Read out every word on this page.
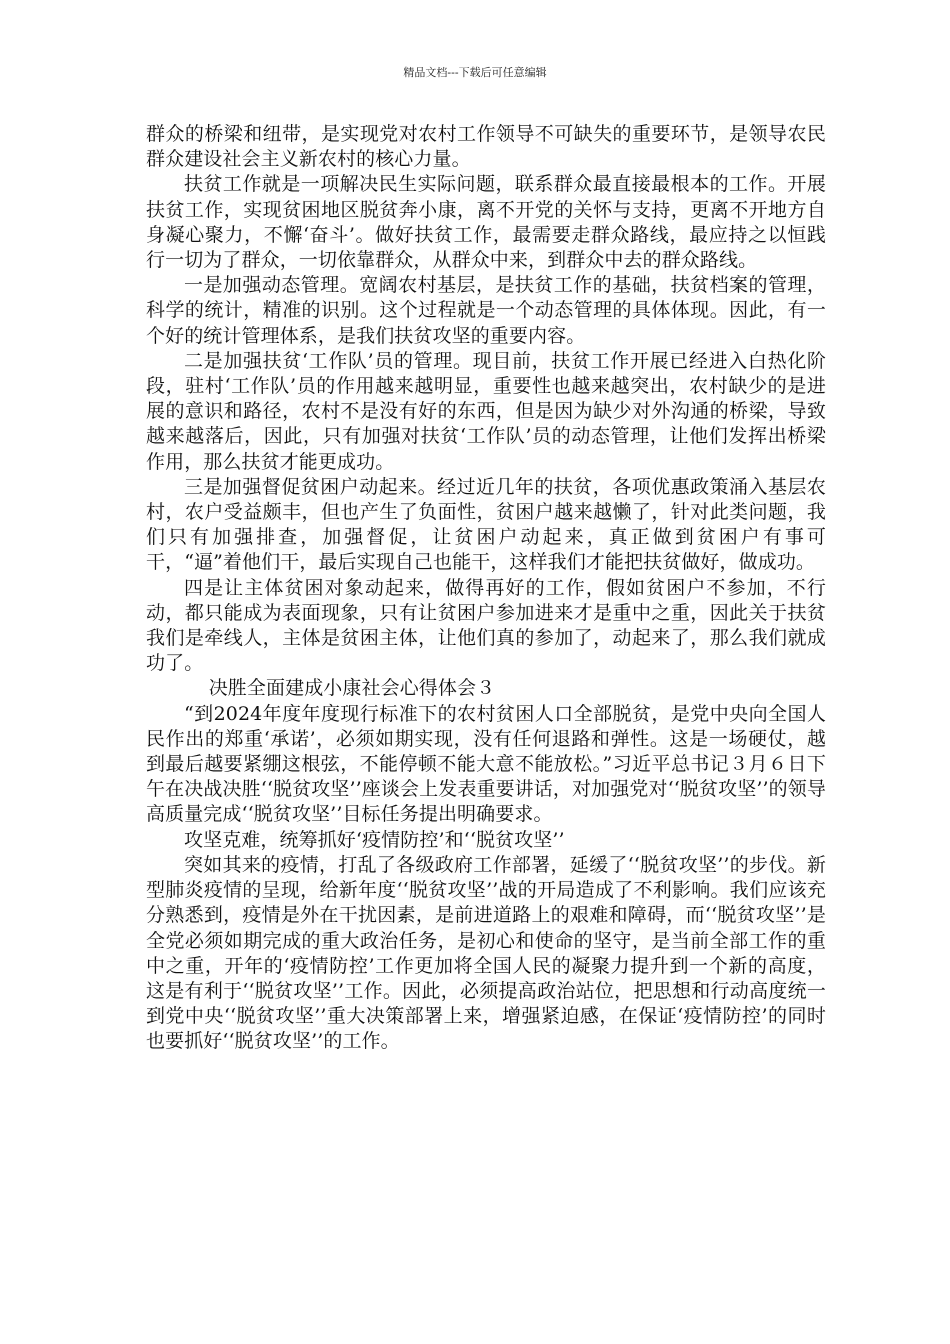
精品文档---下载后可任意编辑

群众的桥梁和纽带，是实现党对农村工作领导不可缺失的重要环节，是领导农民群众建设社会主义新农村的核心力量。

扶贫工作就是一项解决民生实际问题，联系群众最直接最根本的工作。开展扶贫工作，实现贫困地区脱贫奔小康，离不开党的关怀与支持，更离不开地方自身凝心聚力，不懈‘奋斗’。做好扶贫工作，最需要走群众路线，最应持之以恒践行一切为了群众，一切依靠群众，从群众中来，到群众中去的群众路线。

一是加强动态管理。宽阔农村基层，是扶贫工作的基础，扶贫档案的管理，科学的统计，精准的识别。这个过程就是一个动态管理的具体体现。因此，有一个好的统计管理体系，是我们扶贫攻坚的重要内容。

二是加强扶贫‘工作队’员的管理。现目前，扶贫工作开展已经进入白热化阶段，驻村‘工作队’员的作用越来越明显，重要性也越来越突出，农村缺少的是进展的意识和路径，农村不是没有好的东西，但是因为缺少对外沟通的桥梁，导致越来越落后，因此，只有加强对扶贫‘工作队’员的动态管理，让他们发挥出桥梁作用，那么扶贫才能更成功。

三是加强督促贫困户动起来。经过近几年的扶贫，各项优惠政策涌入基层农村，农户受益颇丰，但也产生了负面性，贫困户越来越懒了，针对此类问题，我们只有加强排查，加强督促，让贫困户动起来，真正做到贫困户有事可干，“逼”着他们干，最后实现自己也能干，这样我们才能把扶贫做好，做成功。

四是让主体贫困对象动起来，做得再好的工作，假如贫困户不参加，不行动，都只能成为表面现象，只有让贫困户参加进来才是重中之重，因此关于扶贫我们是牵线人，主体是贫困主体，让他们真的参加了，动起来了，那么我们就成功了。

决胜全面建成小康社会心得体会３

“到2024年度年度现行标准下的农村贫困人口全部脱贫，是党中央向全国人民作出的郑重‘承诺’，必须如期实现，没有任何退路和弹性。这是一场硬仗，越到最后越要紧绷这根弦，不能停顿不能大意不能放松。”习近平总书记３月６日下午在决战决胜‘‘脱贫攻坚’’座谈会上发表重要讲话，对加强党对‘‘脱贫攻坚’’的领导高质量完成‘‘脱贫攻坚’’目标任务提出明确要求。

攻坚克难，统筹抓好‘疫情防控’和‘‘脱贫攻坚’’

突如其来的疫情，打乱了各级政府工作部署，延缓了‘‘脱贫攻坚’’的步伐。新型肺炎疫情的呈现，给新年度‘‘脱贫攻坚’’战的开局造成了不利影响。我们应该充分熟悉到，疫情是外在干扰因素，是前进道路上的艰难和障碍，而‘‘脱贫攻坚’’是全党必须如期完成的重大政治任务，是初心和使命的坚守，是当前全部工作的重中之重，开年的‘疫情防控’工作更加将全国人民的凝聚力提升到一个新的高度，这是有利于‘‘脱贫攻坚’’工作。因此，必须提高政治站位，把思想和行动高度统一到党中央‘‘脱贫攻坚’’重大决策部署上来，增强紧迫感，在保证‘疫情防控’的同时也要抓好‘‘脱贫攻坚’’的工作。
